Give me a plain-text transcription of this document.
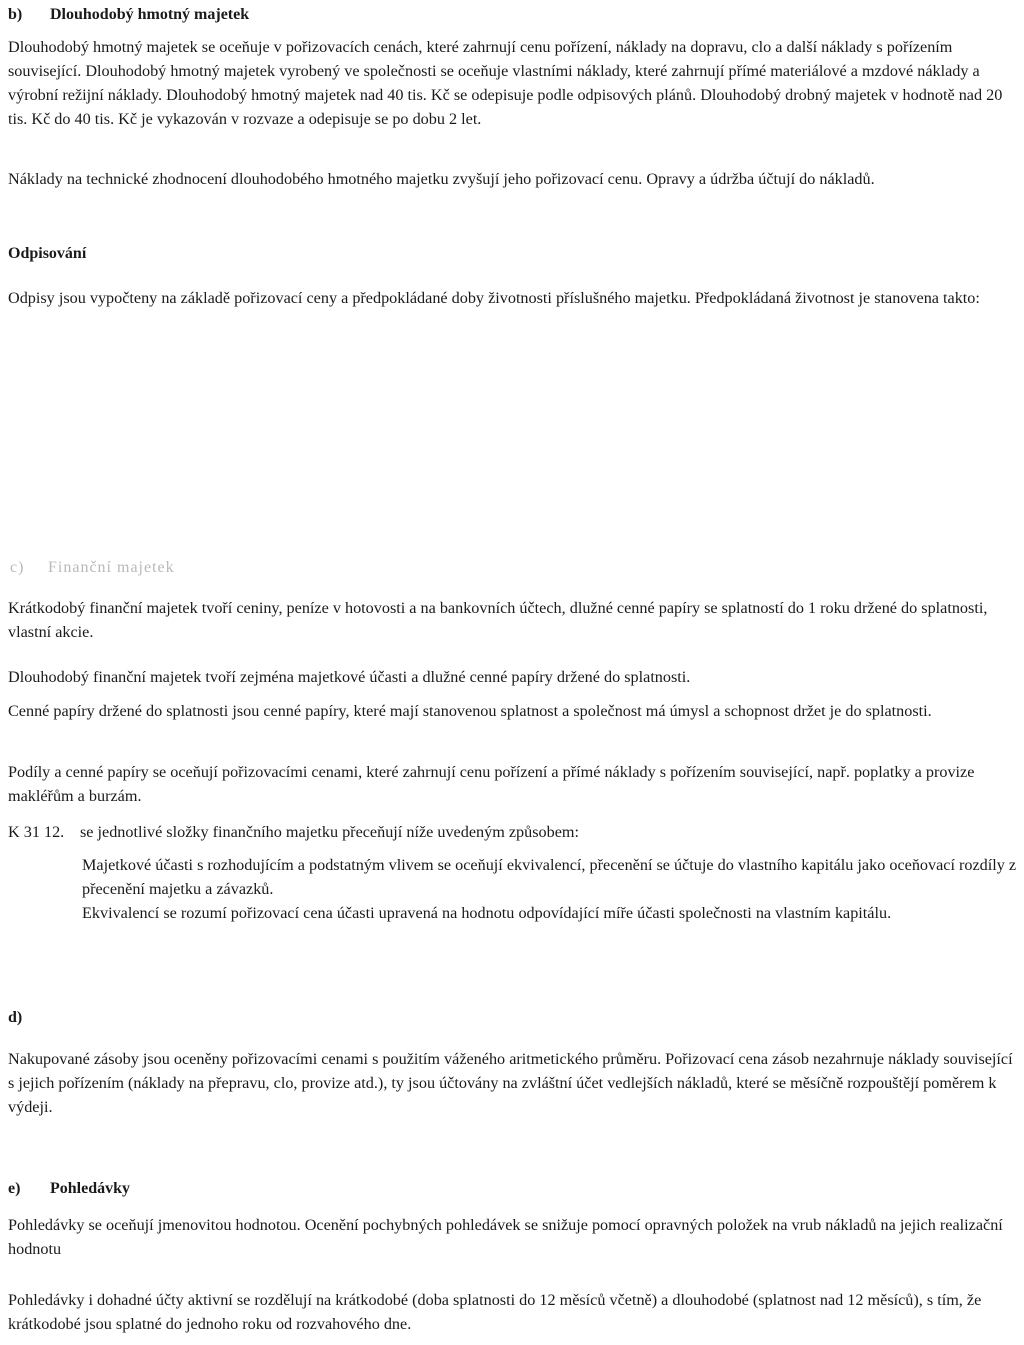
b) Dlouhodobý hmotný majetek

Dlouhodobý hmotný majetek se oceňuje v pořizovacích cenách, které zahrnují cenu pořízení, náklady na dopravu, clo a další náklady s pořízením související. Dlouhodobý hmotný majetek vyrobený ve společnosti se oceňuje vlastními náklady, které zahrnují přímé materiálové a mzdové náklady a výrobní režijní náklady. Dlouhodobý hmotný majetek nad 40 tis. Kč se odepisuje podle odpisových plánů. Dlouhodobý drobný majetek v hodnotě nad 20 tis. Kč do 40 tis. Kč je vykazován v rozvaze a odepisuje se po dobu 2 let.

Náklady na technické zhodnocení dlouhodobého hmotného majetku zvyšují jeho pořizovací cenu. Opravy a údržba účtují do nákladů.

Odpisování

Odpisy jsou vypočteny na základě pořizovací ceny a předpokládané doby životnosti příslušného majetku. Předpokládaná životnost je stanovena takto:

c) Finanční majetek

Krátkodobý finanční majetek tvoří ceniny, peníze v hotovosti a na bankovních účtech, dlužné cenné papíry se splatností do 1 roku držené do splatnosti, vlastní akcie.

Dlouhodobý finanční majetek tvoří zejména majetkové účasti a dlužné cenné papíry držené do splatnosti.

Cenné papíry držené do splatnosti jsou cenné papíry, které mají stanovenou splatnost a společnost má úmysl a schopnost držet je do splatnosti.

Podíly a cenné papíry se oceňují pořizovacími cenami, které zahrnují cenu pořízení a přímé náklady s pořízením související, např. poplatky a provize makléřům a burzám.

K 31 12. se jednotlivé složky finančního majetku přeceňují níže uvedeným způsobem:

Majetkové účasti s rozhodujícím a podstatným vlivem se oceňují ekvivalencí, přecenění se účtuje do vlastního kapitálu jako oceňovací rozdíly z přecenění majetku a závazků.

Ekvivalencí se rozumí pořizovací cena účasti upravená na hodnotu odpovídající míře účasti společnosti na vlastním kapitálu.

d)

Nakupované zásoby jsou oceněny pořizovacími cenami s použitím váženého aritmetického průměru. Pořizovací cena zásob nezahrnuje náklady související s jejich pořízením (náklady na přepravu, clo, provize atd.), ty jsou účtovány na zvláštní účet vedlejších nákladů, které se měsíčně rozpouštějí poměrem k výdeji.

e) Pohledávky

Pohledávky se oceňují jmenovitou hodnotou. Ocenění pochybných pohledávek se snižuje pomocí opravných položek na vrub nákladů na jejich realizační hodnotu

Pohledávky i dohadné účty aktivní se rozdělují na krátkodobé (doba splatnosti do 12 měsíců včetně) a dlouhodobé (splatnost nad 12 měsíců), s tím, že krátkodobé jsou splatné do jednoho roku od rozvahového dne.
